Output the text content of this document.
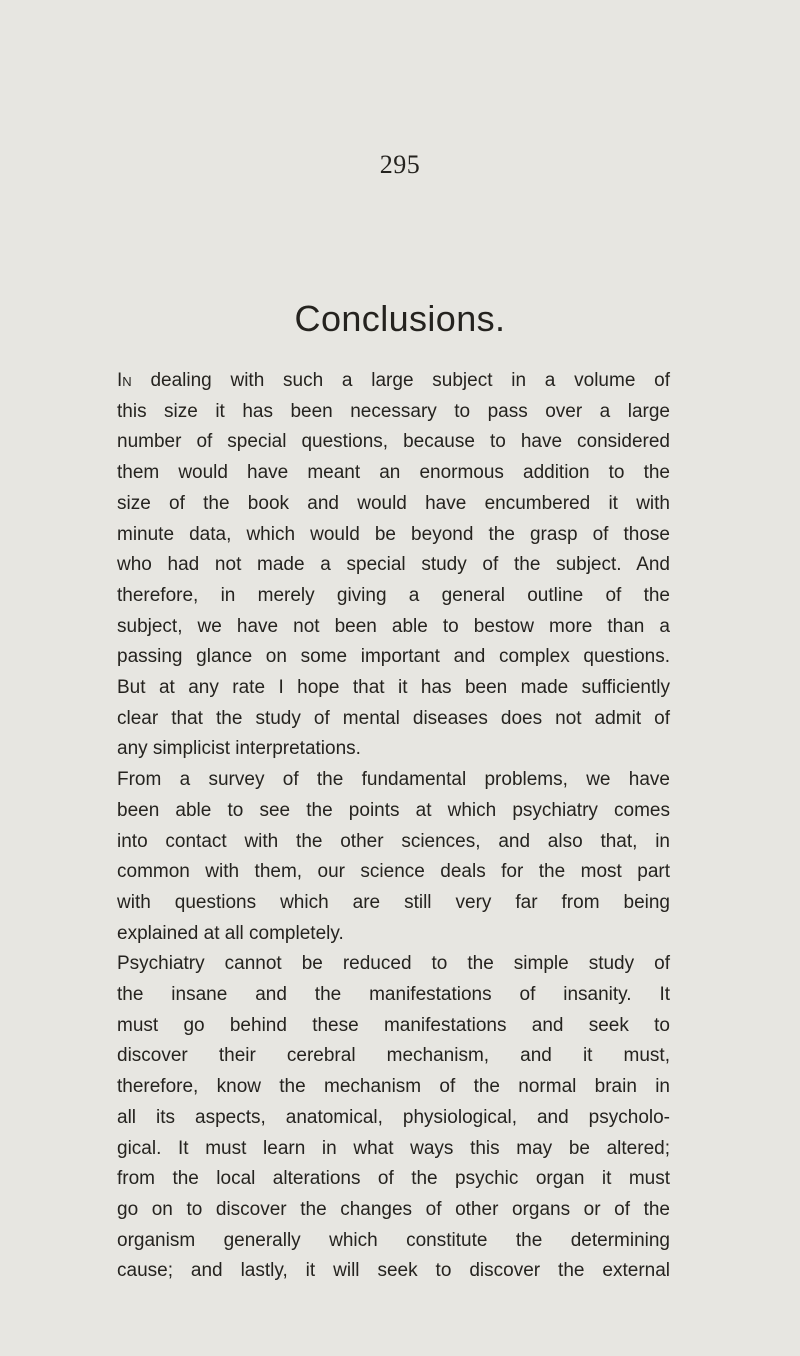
295
Conclusions.
In dealing with such a large subject in a volume of
this size it has been necessary to pass over a large
number of special questions, because to have considered
them would have meant an enormous addition to the
size of the book and would have encumbered it with
minute data, which would be beyond the grasp of those
who had not made a special study of the subject. And
therefore, in merely giving a general outline of the
subject, we have not been able to bestow more than a
passing glance on some important and complex questions.
But at any rate I hope that it has been made sufficiently
clear that the study of mental diseases does not admit of
any simplicist interpretations.
From a survey of the fundamental problems, we have
been able to see the points at which psychiatry comes
into contact with the other sciences, and also that, in
common with them, our science deals for the most part
with questions which are still very far from being
explained at all completely.
Psychiatry cannot be reduced to the simple study of
the insane and the manifestations of insanity. It
must go behind these manifestations and seek to
discover their cerebral mechanism, and it must,
therefore, know the mechanism of the normal brain in
all its aspects, anatomical, physiological, and psycholo-
gical. It must learn in what ways this may be altered;
from the local alterations of the psychic organ it must
go on to discover the changes of other organs or of the
organism generally which constitute the determining
cause; and lastly, it will seek to discover the external
